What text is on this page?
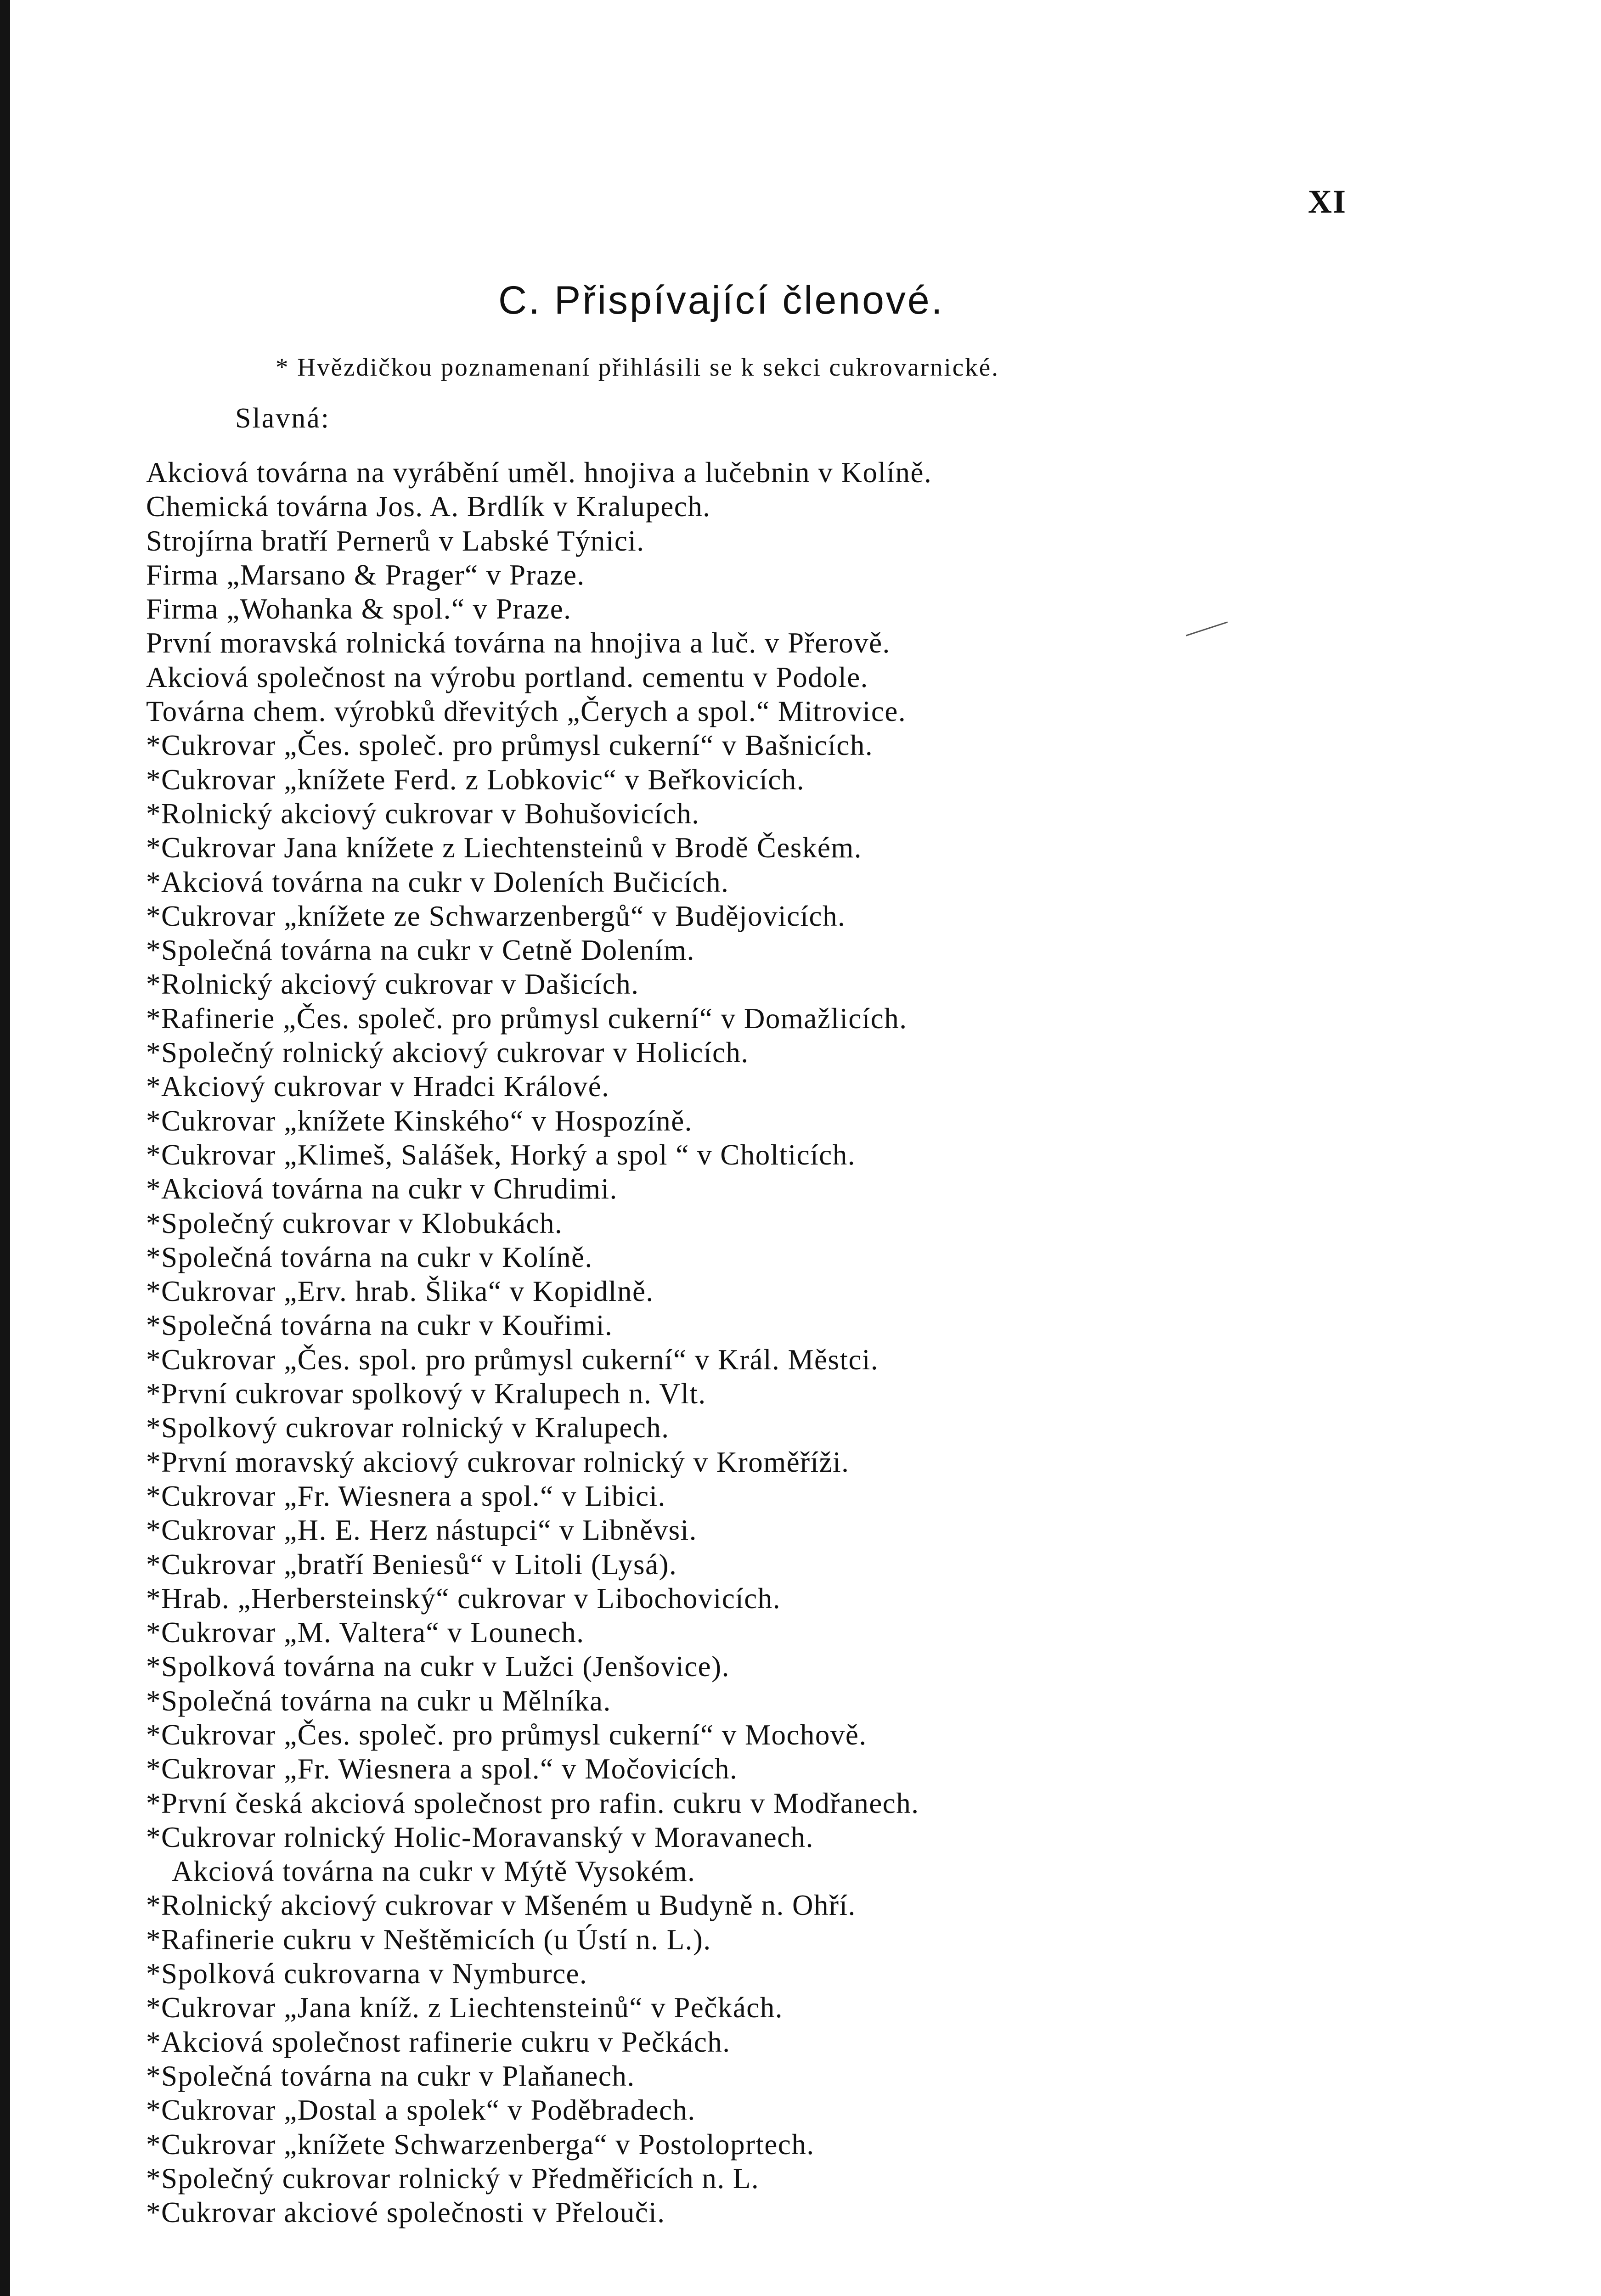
XI

C. Přispívající členové.

* Hvězdičkou poznamenaní přihlásili se k sekci cukrovarnické.

Slavná:

Akciová továrna na vyrábění uměl. hnojiva a lučebnin v Kolíně.
Chemická továrna Jos. A. Brdlík v Kralupech.
Strojírna bratří Pernerů v Labské Týnici.
Firma „Marsano & Prager“ v Praze.
Firma „Wohanka & spol.“ v Praze.
První moravská rolnická továrna na hnojiva a luč. v Přerově.
Akciová společnost na výrobu portland. cementu v Podole.
Továrna chem. výrobků dřevitých „Čerych a spol.“ Mitrovice.
*Cukrovar „Čes. společ. pro průmysl cukerní“ v Bašnicích.
*Cukrovar „knížete Ferd. z Lobkovic“ v Beřkovicích.
*Rolnický akciový cukrovar v Bohušovicích.
*Cukrovar Jana knížete z Liechtensteinů v Brodě Českém.
*Akciová továrna na cukr v Doleních Bučicích.
*Cukrovar „knížete ze Schwarzenbergů“ v Budějovicích.
*Společná továrna na cukr v Cetně Dolením.
*Rolnický akciový cukrovar v Dašicích.
*Rafinerie „Čes. společ. pro průmysl cukerní“ v Domažlicích.
*Společný rolnický akciový cukrovar v Holicích.
*Akciový cukrovar v Hradci Králové.
*Cukrovar „knížete Kinského“ v Hospozíně.
*Cukrovar „Klimeš, Salášek, Horký a spol “ v Cholticích.
*Akciová továrna na cukr v Chrudimi.
*Společný cukrovar v Klobukách.
*Společná továrna na cukr v Kolíně.
*Cukrovar „Erv. hrab. Šlika“ v Kopidlně.
*Společná továrna na cukr v Kouřimi.
*Cukrovar „Čes. spol. pro průmysl cukerní“ v Král. Městci.
*První cukrovar spolkový v Kralupech n. Vlt.
*Spolkový cukrovar rolnický v Kralupech.
*První moravský akciový cukrovar rolnický v Kroměříži.
*Cukrovar „Fr. Wiesnera a spol.“ v Libici.
*Cukrovar „H. E. Herz nástupci“ v Libněvsi.
*Cukrovar „bratří Beniesů“ v Litoli (Lysá).
*Hrab. „Herbersteinský“ cukrovar v Libochovicích.
*Cukrovar „M. Valtera“ v Lounech.
*Spolková továrna na cukr v Lužci (Jenšovice).
*Společná továrna na cukr u Mělníka.
*Cukrovar „Čes. společ. pro průmysl cukerní“ v Mochově.
*Cukrovar „Fr. Wiesnera a spol.“ v Močovicích.
*První česká akciová společnost pro rafin. cukru v Modřanech.
*Cukrovar rolnický Holic-Moravanský v Moravanech.
Akciová továrna na cukr v Mýtě Vysokém.
*Rolnický akciový cukrovar v Mšeném u Budyně n. Ohří.
*Rafinerie cukru v Neštěmicích (u Ústí n. L.).
*Spolková cukrovarna v Nymburce.
*Cukrovar „Jana kníž. z Liechtensteinů“ v Pečkách.
*Akciová společnost rafinerie cukru v Pečkách.
*Společná továrna na cukr v Plaňanech.
*Cukrovar „Dostal a spolek“ v Poděbradech.
*Cukrovar „knížete Schwarzenberga“ v Postoloprtech.
*Společný cukrovar rolnický v Předměřicích n. L.
*Cukrovar akciové společnosti v Přelouči.
